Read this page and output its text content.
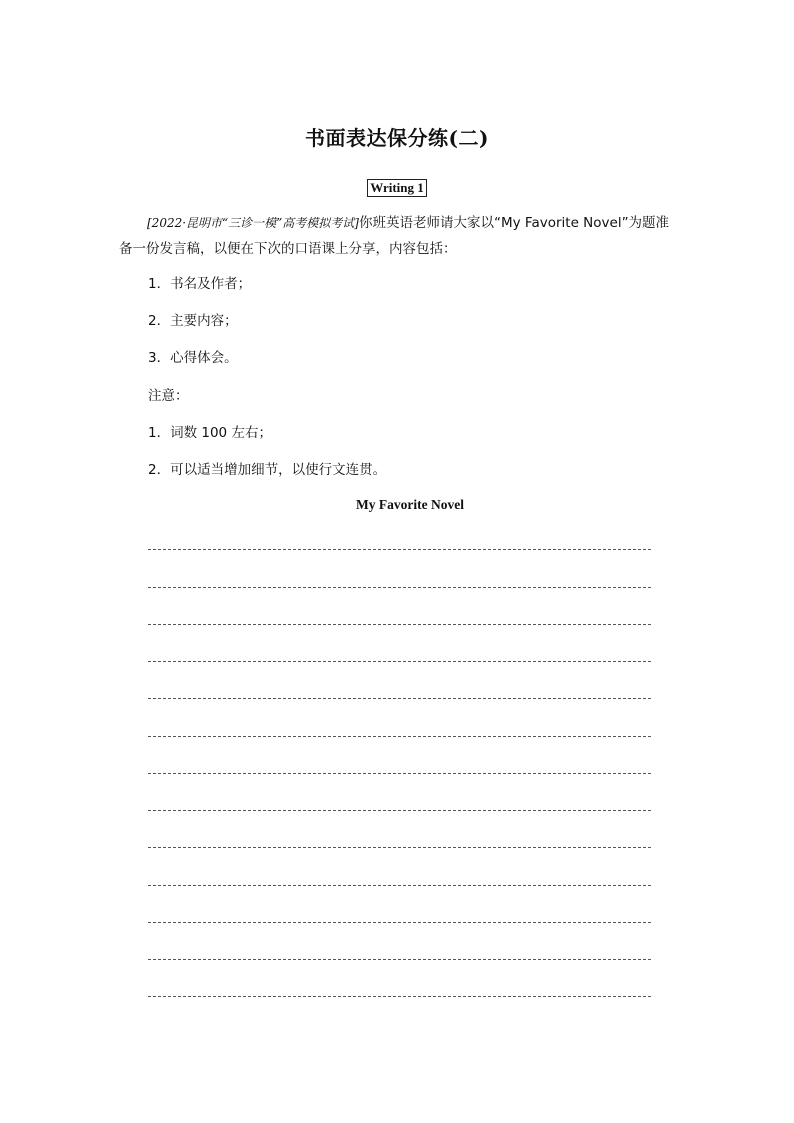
书面表达保分练(二)
Writing 1
[2022·昆明市“三诊一模”高考模拟考试]你班英语老师请大家以“My Favorite Novel”为题准备一份发言稿，以便在下次的口语课上分享，内容包括：
1．书名及作者；
2．主要内容；
3．心得体会。
注意：
1．词数 100 左右；
2．可以适当增加细节，以使行文连贯。
My Favorite Novel
